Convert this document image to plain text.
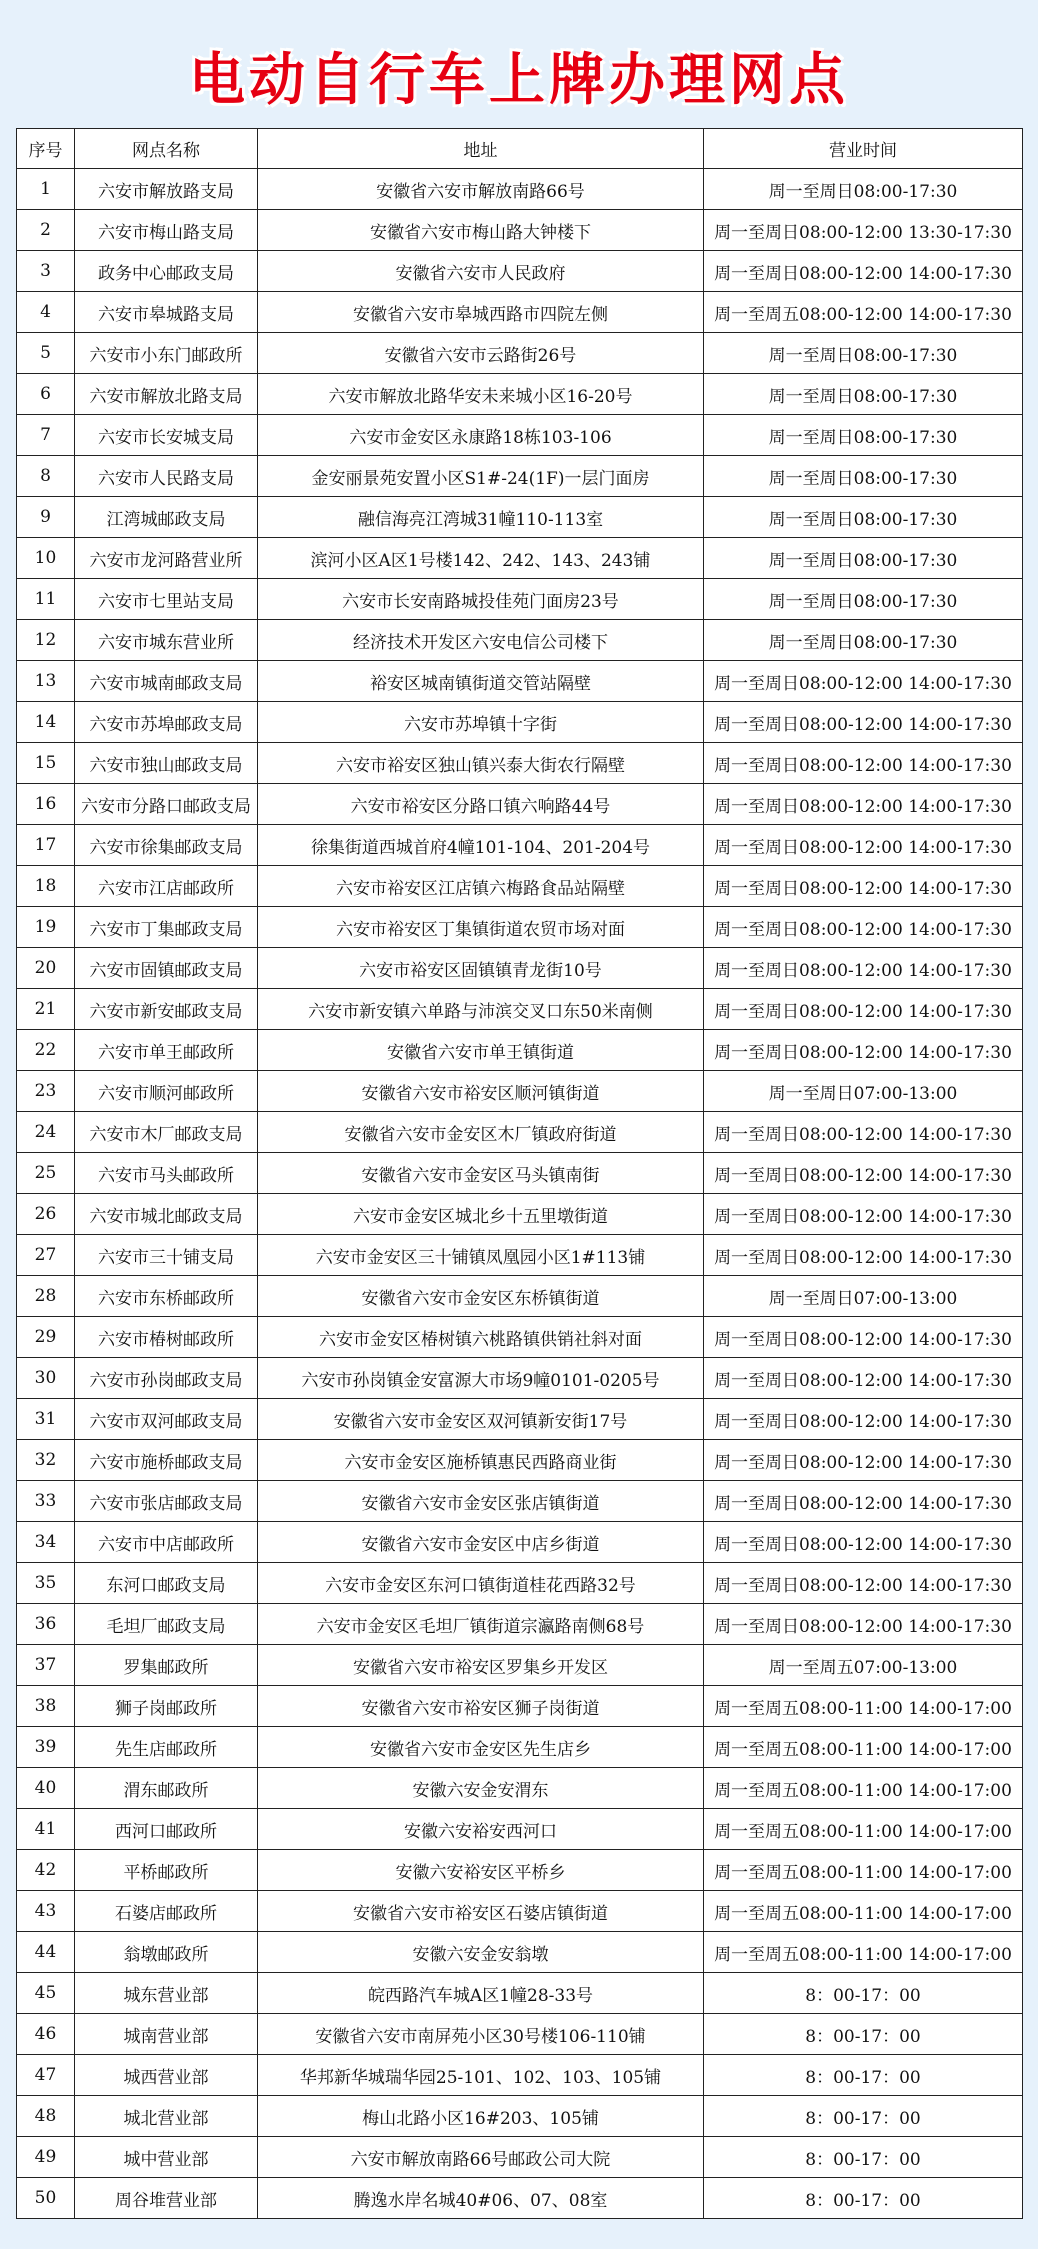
电动自行车上牌办理网点
序号	网点名称	地址	营业时间
1	六安市解放路支局	安徽省六安市解放南路66号	周一至周日08:00-17:30
2	六安市梅山路支局	安徽省六安市梅山路大钟楼下	周一至周日08:00-12:00 13:30-17:30
3	政务中心邮政支局	安徽省六安市人民政府	周一至周日08:00-12:00 14:00-17:30
4	六安市皋城路支局	安徽省六安市皋城西路市四院左侧	周一至周五08:00-12:00 14:00-17:30
5	六安市小东门邮政所	安徽省六安市云路街26号	周一至周日08:00-17:30
6	六安市解放北路支局	六安市解放北路华安未来城小区16-20号	周一至周日08:00-17:30
7	六安市长安城支局	六安市金安区永康路18栋103-106	周一至周日08:00-17:30
8	六安市人民路支局	金安丽景苑安置小区S1#-24(1F)一层门面房	周一至周日08:00-17:30
9	江湾城邮政支局	融信海亮江湾城31幢110-113室	周一至周日08:00-17:30
10	六安市龙河路营业所	滨河小区A区1号楼142、242、143、243铺	周一至周日08:00-17:30
11	六安市七里站支局	六安市长安南路城投佳苑门面房23号	周一至周日08:00-17:30
12	六安市城东营业所	经济技术开发区六安电信公司楼下	周一至周日08:00-17:30
13	六安市城南邮政支局	裕安区城南镇街道交管站隔壁	周一至周日08:00-12:00 14:00-17:30
14	六安市苏埠邮政支局	六安市苏埠镇十字街	周一至周日08:00-12:00 14:00-17:30
15	六安市独山邮政支局	六安市裕安区独山镇兴泰大街农行隔壁	周一至周日08:00-12:00 14:00-17:30
16	六安市分路口邮政支局	六安市裕安区分路口镇六响路44号	周一至周日08:00-12:00 14:00-17:30
17	六安市徐集邮政支局	徐集街道西城首府4幢101-104、201-204号	周一至周日08:00-12:00 14:00-17:30
18	六安市江店邮政所	六安市裕安区江店镇六梅路食品站隔壁	周一至周日08:00-12:00 14:00-17:30
19	六安市丁集邮政支局	六安市裕安区丁集镇街道农贸市场对面	周一至周日08:00-12:00 14:00-17:30
20	六安市固镇邮政支局	六安市裕安区固镇镇青龙街10号	周一至周日08:00-12:00 14:00-17:30
21	六安市新安邮政支局	六安市新安镇六单路与沛滨交叉口东50米南侧	周一至周日08:00-12:00 14:00-17:30
22	六安市单王邮政所	安徽省六安市单王镇街道	周一至周日08:00-12:00 14:00-17:30
23	六安市顺河邮政所	安徽省六安市裕安区顺河镇街道	周一至周日07:00-13:00
24	六安市木厂邮政支局	安徽省六安市金安区木厂镇政府街道	周一至周日08:00-12:00 14:00-17:30
25	六安市马头邮政所	安徽省六安市金安区马头镇南街	周一至周日08:00-12:00 14:00-17:30
26	六安市城北邮政支局	六安市金安区城北乡十五里墩街道	周一至周日08:00-12:00 14:00-17:30
27	六安市三十铺支局	六安市金安区三十铺镇凤凰园小区1#113铺	周一至周日08:00-12:00 14:00-17:30
28	六安市东桥邮政所	安徽省六安市金安区东桥镇街道	周一至周日07:00-13:00
29	六安市椿树邮政所	六安市金安区椿树镇六桃路镇供销社斜对面	周一至周日08:00-12:00 14:00-17:30
30	六安市孙岗邮政支局	六安市孙岗镇金安富源大市场9幢0101-0205号	周一至周日08:00-12:00 14:00-17:30
31	六安市双河邮政支局	安徽省六安市金安区双河镇新安街17号	周一至周日08:00-12:00 14:00-17:30
32	六安市施桥邮政支局	六安市金安区施桥镇惠民西路商业街	周一至周日08:00-12:00 14:00-17:30
33	六安市张店邮政支局	安徽省六安市金安区张店镇街道	周一至周日08:00-12:00 14:00-17:30
34	六安市中店邮政所	安徽省六安市金安区中店乡街道	周一至周日08:00-12:00 14:00-17:30
35	东河口邮政支局	六安市金安区东河口镇街道桂花西路32号	周一至周日08:00-12:00 14:00-17:30
36	毛坦厂邮政支局	六安市金安区毛坦厂镇街道宗瀛路南侧68号	周一至周日08:00-12:00 14:00-17:30
37	罗集邮政所	安徽省六安市裕安区罗集乡开发区	周一至周五07:00-13:00
38	狮子岗邮政所	安徽省六安市裕安区狮子岗街道	周一至周五08:00-11:00 14:00-17:00
39	先生店邮政所	安徽省六安市金安区先生店乡	周一至周五08:00-11:00 14:00-17:00
40	渭东邮政所	安徽六安金安渭东	周一至周五08:00-11:00 14:00-17:00
41	西河口邮政所	安徽六安裕安西河口	周一至周五08:00-11:00 14:00-17:00
42	平桥邮政所	安徽六安裕安区平桥乡	周一至周五08:00-11:00 14:00-17:00
43	石婆店邮政所	安徽省六安市裕安区石婆店镇街道	周一至周五08:00-11:00 14:00-17:00
44	翁墩邮政所	安徽六安金安翁墩	周一至周五08:00-11:00 14:00-17:00
45	城东营业部	皖西路汽车城A区1幢28-33号	8：00-17：00
46	城南营业部	安徽省六安市南屏苑小区30号楼106-110铺	8：00-17：00
47	城西营业部	华邦新华城瑞华园25-101、102、103、105铺	8：00-17：00
48	城北营业部	梅山北路小区16#203、105铺	8：00-17：00
49	城中营业部	六安市解放南路66号邮政公司大院	8：00-17：00
50	周谷堆营业部	腾逸水岸名城40#06、07、08室	8：00-17：00
